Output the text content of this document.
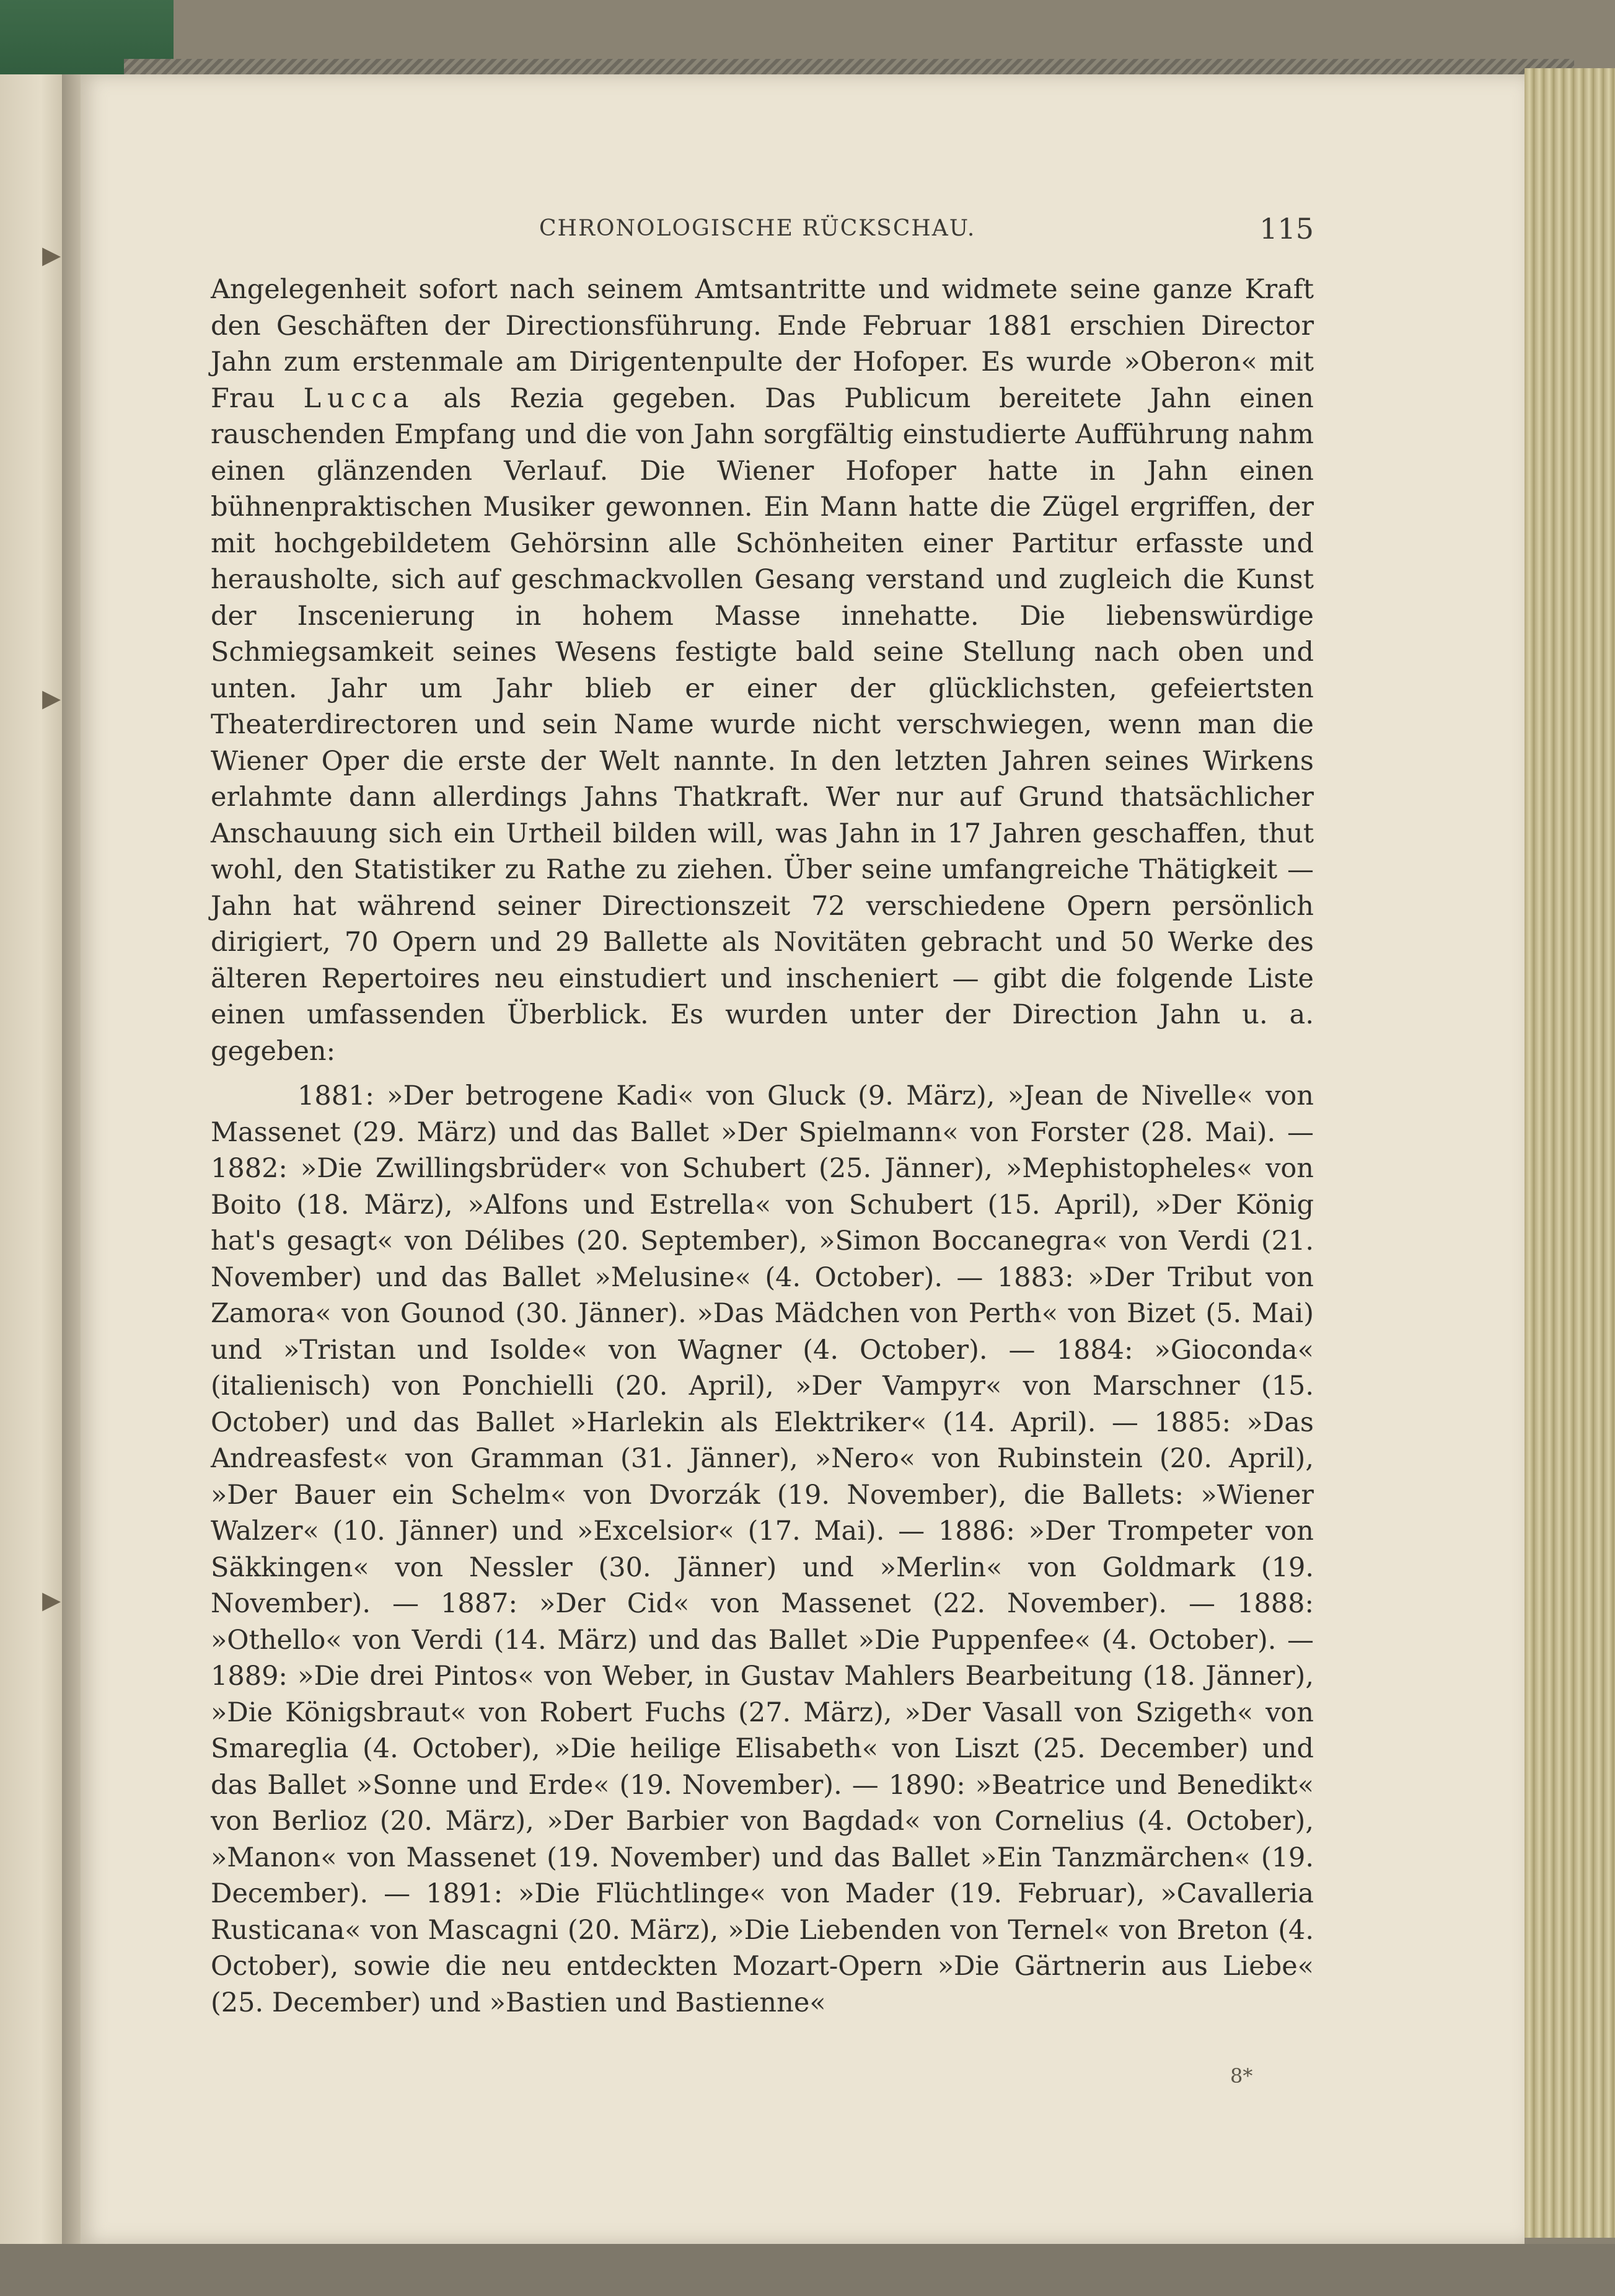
▸
▸
▸
CHRONOLOGISCHE RÜCKSCHAU.	115

Angelegenheit sofort nach seinem Amtsantritte und widmete seine ganze Kraft den Geschäften der Directionsführung. Ende Februar 1881 erschien Director Jahn zum erstenmale am Dirigentenpulte der Hofoper. Es wurde »Oberon« mit Frau Lucca als Rezia gegeben. Das Publicum bereitete Jahn einen rauschenden Empfang und die von Jahn sorgfältig einstudierte Aufführung nahm einen glänzenden Verlauf. Die Wiener Hofoper hatte in Jahn einen bühnenpraktischen Musiker gewonnen. Ein Mann hatte die Zügel ergriffen, der mit hochgebildetem Gehörsinn alle Schönheiten einer Partitur erfasste und herausholte, sich auf geschmackvollen Gesang verstand und zugleich die Kunst der Inscenierung in hohem Masse innehatte. Die liebenswürdige Schmiegsamkeit seines Wesens festigte bald seine Stellung nach oben und unten. Jahr um Jahr blieb er einer der glücklichsten, gefeiertsten Theaterdirectoren und sein Name wurde nicht verschwiegen, wenn man die Wiener Oper die erste der Welt nannte. In den letzten Jahren seines Wirkens erlahmte dann allerdings Jahns Thatkraft. Wer nur auf Grund thatsächlicher Anschauung sich ein Urtheil bilden will, was Jahn in 17 Jahren geschaffen, thut wohl, den Statistiker zu Rathe zu ziehen. Über seine umfangreiche Thätigkeit — Jahn hat während seiner Directionszeit 72 verschiedene Opern persönlich dirigiert, 70 Opern und 29 Ballette als Novitäten gebracht und 50 Werke des älteren Repertoires neu einstudiert und inscheniert — gibt die folgende Liste einen umfassenden Überblick. Es wurden unter der Direction Jahn u. a. gegeben:

1881: »Der betrogene Kadi« von Gluck (9. März), »Jean de Nivelle« von Massenet (29. März) und das Ballet »Der Spielmann« von Forster (28. Mai). — 1882: »Die Zwillingsbrüder« von Schubert (25. Jänner), »Mephistopheles« von Boito (18. März), »Alfons und Estrella« von Schubert (15. April), »Der König hat's gesagt« von Délibes (20. September), »Simon Boccanegra« von Verdi (21. November) und das Ballet »Melusine« (4. October). — 1883: »Der Tribut von Zamora« von Gounod (30. Jänner). »Das Mädchen von Perth« von Bizet (5. Mai) und »Tristan und Isolde« von Wagner (4. October). — 1884: »Gioconda« (italienisch) von Ponchielli (20. April), »Der Vampyr« von Marschner (15. October) und das Ballet »Harlekin als Elektriker« (14. April). — 1885: »Das Andreasfest« von Gramman (31. Jänner), »Nero« von Rubinstein (20. April), »Der Bauer ein Schelm« von Dvorzák (19. November), die Ballets: »Wiener Walzer« (10. Jänner) und »Excelsior« (17. Mai). — 1886: »Der Trompeter von Säkkingen« von Nessler (30. Jänner) und »Merlin« von Goldmark (19. November). — 1887: »Der Cid« von Massenet (22. November). — 1888: »Othello« von Verdi (14. März) und das Ballet »Die Puppenfee« (4. October). — 1889: »Die drei Pintos« von Weber, in Gustav Mahlers Bearbeitung (18. Jänner), »Die Königsbraut« von Robert Fuchs (27. März), »Der Vasall von Szigeth« von Smareglia (4. October), »Die heilige Elisabeth« von Liszt (25. December) und das Ballet »Sonne und Erde« (19. November). — 1890: »Beatrice und Benedikt« von Berlioz (20. März), »Der Barbier von Bagdad« von Cornelius (4. October), »Manon« von Massenet (19. November) und das Ballet »Ein Tanzmärchen« (19. December). — 1891: »Die Flüchtlinge« von Mader (19. Februar), »Cavalleria Rusticana« von Mascagni (20. März), »Die Liebenden von Ternel« von Breton (4. October), sowie die neu entdeckten Mozart-Opern »Die Gärtnerin aus Liebe« (25. December) und »Bastien und Bastienne«

8*
